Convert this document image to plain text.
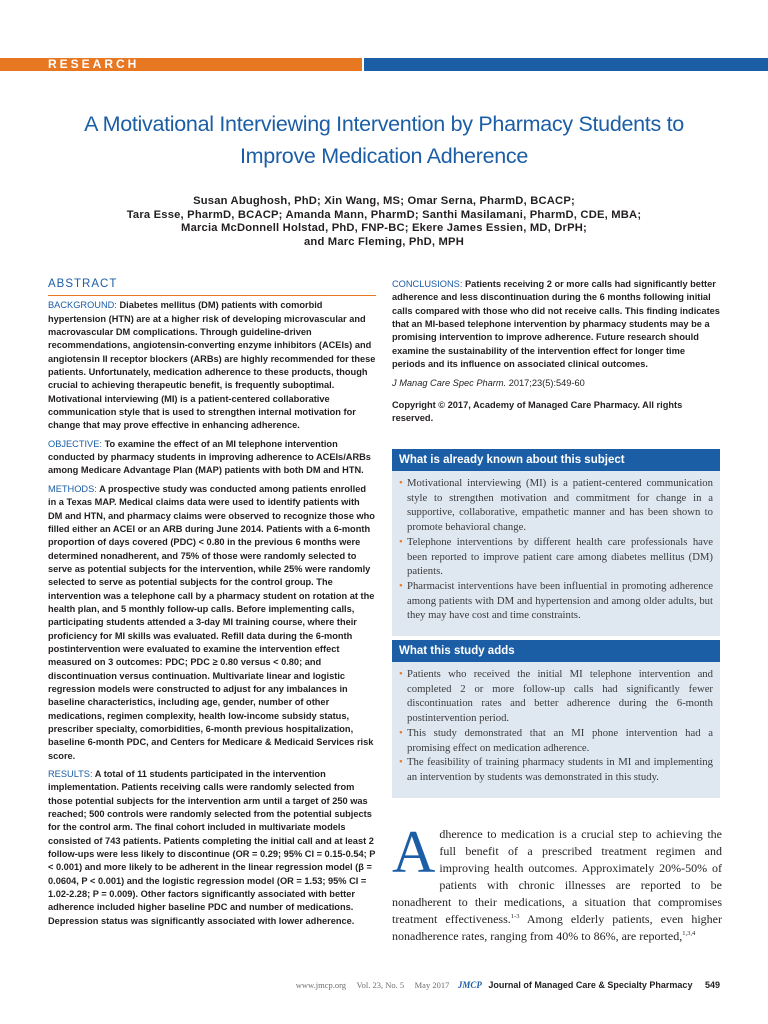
RESEARCH
A Motivational Interviewing Intervention by Pharmacy Students to Improve Medication Adherence
Susan Abughosh, PhD; Xin Wang, MS; Omar Serna, PharmD, BCACP;
Tara Esse, PharmD, BCACP; Amanda Mann, PharmD; Santhi Masilamani, PharmD, CDE, MBA;
Marcia McDonnell Holstad, PhD, FNP-BC; Ekere James Essien, MD, DrPH;
and Marc Fleming, PhD, MPH
ABSTRACT

BACKGROUND: Diabetes mellitus (DM) patients with comorbid hypertension (HTN) are at a higher risk of developing microvascular and macrovascular DM complications. Through guideline-driven recommendations, angiotensin-converting enzyme inhibitors (ACEIs) and angiotensin II receptor blockers (ARBs) are highly recommended for these patients. Unfortunately, medication adherence to these products, though crucial to achieving therapeutic benefit, is frequently suboptimal. Motivational interviewing (MI) is a patient-centered collaborative communication style that is used to strengthen internal motivation for change that may prove effective in enhancing adherence.

OBJECTIVE: To examine the effect of an MI telephone intervention conducted by pharmacy students in improving adherence to ACEIs/ARBs among Medicare Advantage Plan (MAP) patients with both DM and HTN.

METHODS: A prospective study was conducted among patients enrolled in a Texas MAP. Medical claims data were used to identify patients with DM and HTN, and pharmacy claims were observed to recognize those who filled either an ACEI or an ARB during June 2014. Patients with a 6-month proportion of days covered (PDC) < 0.80 in the previous 6 months were determined nonadherent, and 75% of those were randomly selected to serve as potential subjects for the intervention, while 25% were randomly selected to serve as potential subjects for the control group. The intervention was a telephone call by a pharmacy student on rotation at the health plan, and 5 monthly follow-up calls. Before implementing calls, participating students attended a 3-day MI training course, where their proficiency for MI skills was evaluated. Refill data during the 6-month postintervention were evaluated to examine the intervention effect measured on 3 outcomes: PDC; PDC ≥ 0.80 versus < 0.80; and discontinuation versus continuation. Multivariate linear and logistic regression models were constructed to adjust for any imbalances in baseline characteristics, including age, gender, number of other medications, regimen complexity, health low-income subsidy status, prescriber specialty, comorbidities, 6-month previous hospitalization, baseline 6-month PDC, and Centers for Medicare & Medicaid Services risk score.

RESULTS: A total of 11 students participated in the intervention implementation. Patients receiving calls were randomly selected from those potential subjects for the intervention arm until a target of 250 was reached; 500 controls were randomly selected from the potential subjects for the control arm. The final cohort included in multivariate models consisted of 743 patients. Patients completing the initial call and at least 2 follow-ups were less likely to discontinue (OR = 0.29; 95% CI = 0.15-0.54; P < 0.001) and more likely to be adherent in the linear regression model (β = 0.0604, P < 0.001) and the logistic regression model (OR = 1.53; 95% CI = 1.02-2.28; P = 0.009). Other factors significantly associated with better adherence included higher baseline PDC and number of medications. Depression status was significantly associated with lower adherence.

CONCLUSIONS: Patients receiving 2 or more calls had significantly better adherence and less discontinuation during the 6 months following initial calls compared with those who did not receive calls. This finding indicates that an MI-based telephone intervention by pharmacy students may be a promising intervention to improve adherence. Future research should examine the sustainability of the intervention effect for longer time periods and its influence on associated clinical outcomes.

J Manag Care Spec Pharm. 2017;23(5):549-60

Copyright © 2017, Academy of Managed Care Pharmacy. All rights reserved.

What is already known about this subject
• Motivational interviewing (MI) is a patient-centered communication style to strengthen motivation and commitment for change in a supportive, collaborative, empathetic manner and has been shown to promote behavioral change.
• Telephone interventions by different health care professionals have been reported to improve patient care among diabetes mellitus (DM) patients.
• Pharmacist interventions have been influential in promoting adherence among patients with DM and hypertension and among older adults, but they may have cost and time constraints.
What this study adds
• Patients who received the initial MI telephone intervention and completed 2 or more follow-up calls had significantly fewer discontinuation rates and better adherence during the 6-month postintervention period.
• This study demonstrated that an MI phone intervention had a promising effect on medication adherence.
• The feasibility of training pharmacy students in MI and implementing an intervention by students was demonstrated in this study.
Adherence to medication is a crucial step to achieving the full benefit of a prescribed treatment regimen and improving health outcomes. Approximately 20%-50% of patients with chronic illnesses are reported to be nonadherent to their medications, a situation that compromises treatment effectiveness.$^{1-3}$ Among elderly patients, even higher nonadherence rates, ranging from 40% to 86%, are reported,$^{1,3,4}$
www.jmcp.org Vol. 23, No. 5 May 2017 JMCP Journal of Managed Care & Specialty Pharmacy 549
